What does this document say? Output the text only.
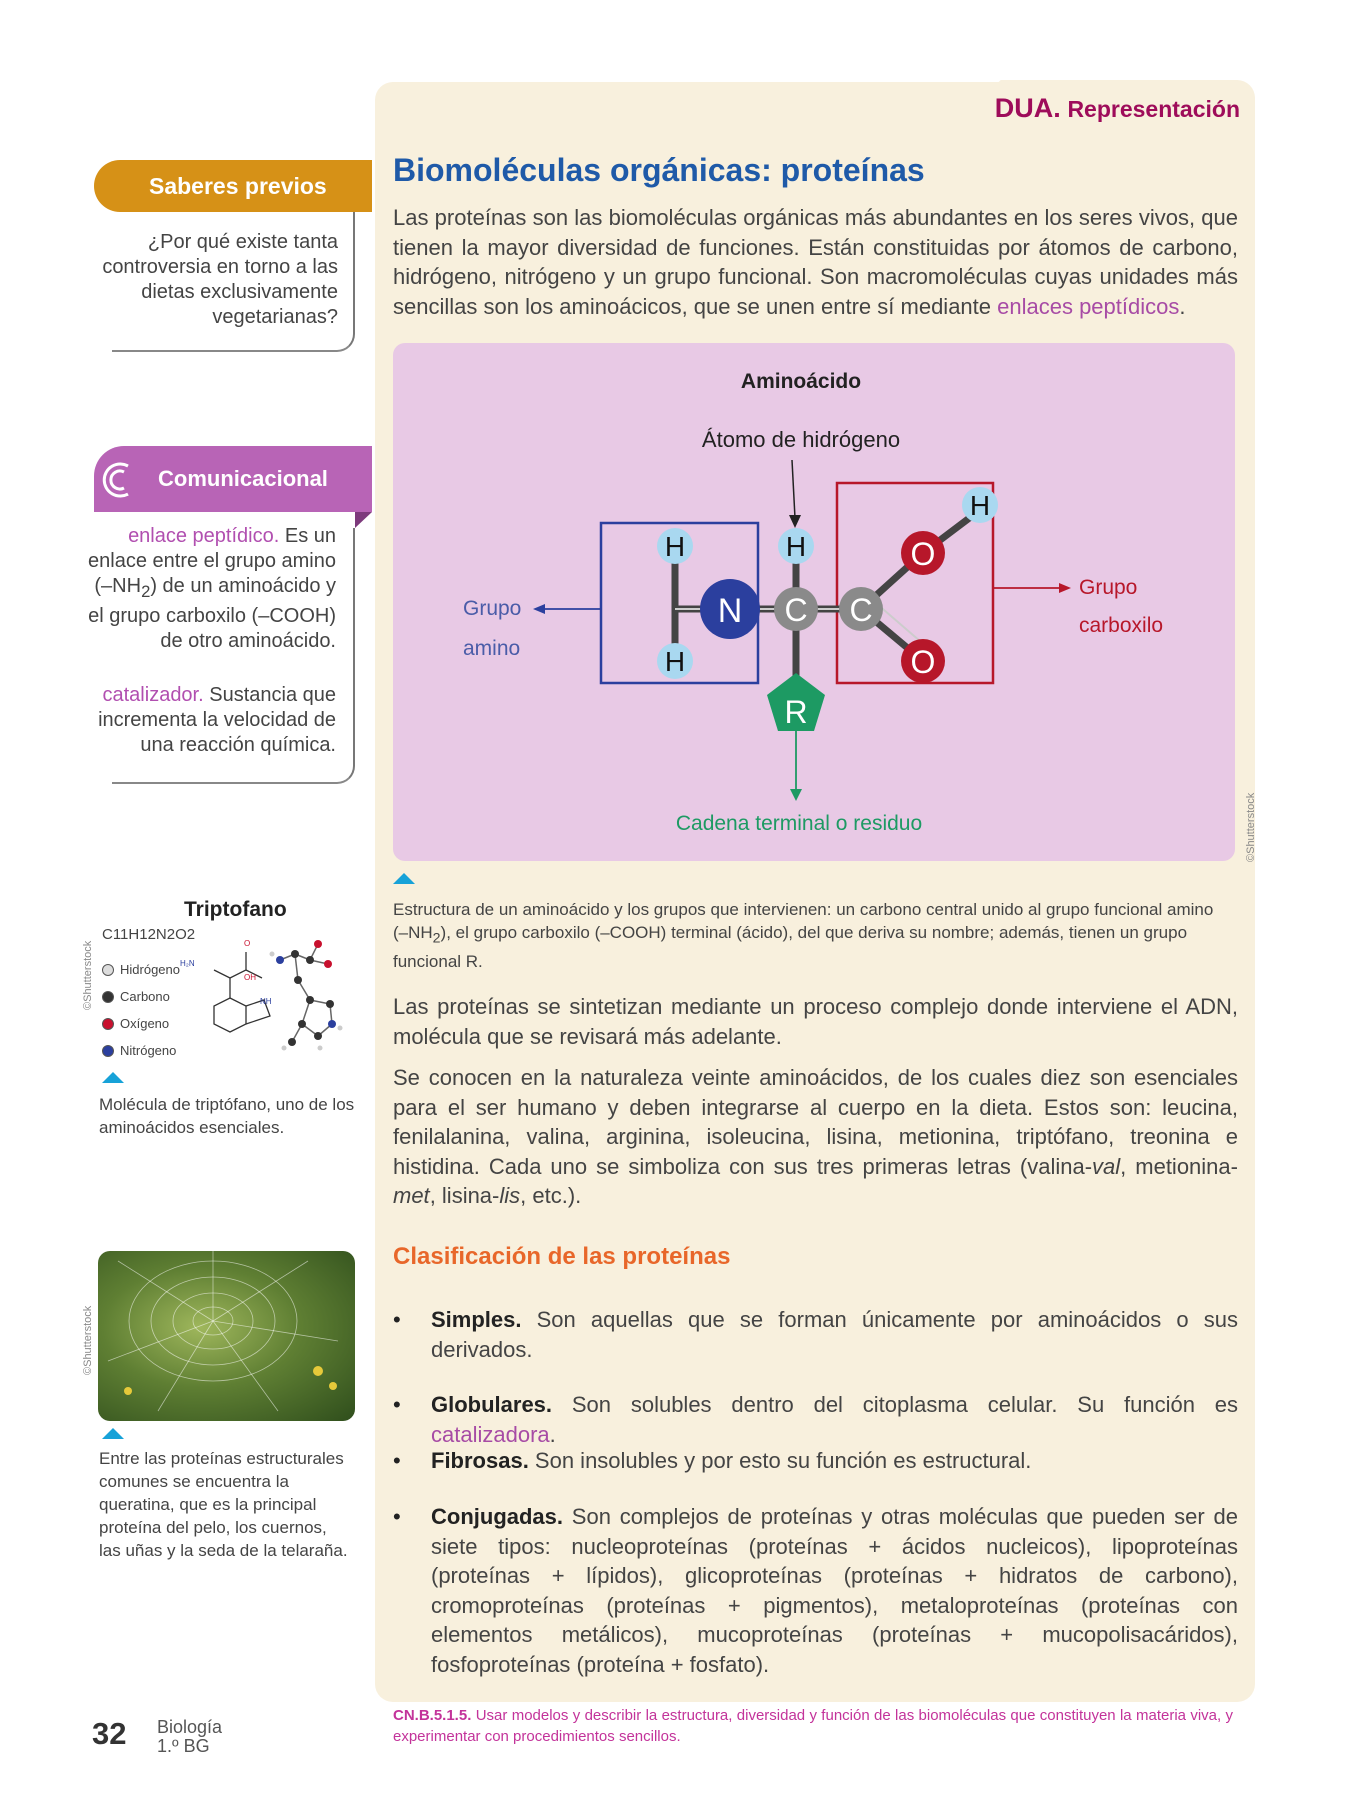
DUA. Representación
Saberes previos
¿Por qué existe tanta controversia en torno a las dietas exclusivamente vegetarianas?
Comunicacional
enlace peptídico. Es un enlace entre el grupo amino $(-NH_2)$ de un aminoácido y el grupo carboxilo (–COOH) de otro aminoácido.
catalizador. Sustancia que incrementa la velocidad de una reacción química.
©Shutterstock
Triptofano
C11H12N2O2
Hidrógeno
Carbono
Oxígeno
Nitrógeno
H₂N
O
OH
NH
Molécula de triptófano, uno de los aminoácidos esenciales.
©Shutterstock
Entre las proteínas estructurales comunes se encuentra la queratina, que es la principal proteína del pelo, los cuernos, las uñas y la seda de la telaraña.
Biomoléculas orgánicas: proteínas
Las proteínas son las biomoléculas orgánicas más abundantes en los seres vivos, que tienen la mayor diversidad de funciones. Están constituidas por átomos de carbono, hidrógeno, nitrógeno y un grupo funcional. Son macromoléculas cuyas unidades más sencillas son los aminoácicos, que se unen entre sí mediante enlaces peptídicos.
Aminoácido
Átomo de hidrógeno
H
H
H
H
N C C
O
O
R
Grupo
amino
Grupo
carboxilo
Cadena terminal o residuo	©Shutterstock
Estructura de un aminoácido y los grupos que intervienen: un carbono central unido al grupo funcional amino $(-NH_2)$, el grupo carboxilo (–COOH) terminal (ácido), del que deriva su nombre; además, tienen un grupo funcional R.
Las proteínas se sintetizan mediante un proceso complejo donde interviene el ADN, molécula que se revisará más adelante.
Se conocen en la naturaleza veinte aminoácidos, de los cuales diez son esenciales para el ser humano y deben integrarse al cuerpo en la dieta. Estos son: leucina, fenilalanina, valina, arginina, isoleucina, lisina, metionina, triptófano, treonina e histidina. Cada uno se simboliza con sus tres primeras letras (valina-val, metionina-met, lisina-lis, etc.).
Clasificación de las proteínas
• Simples. Son aquellas que se forman únicamente por aminoácidos o sus derivados.
• Globulares. Son solubles dentro del citoplasma celular. Su función es catalizadora.
• Fibrosas. Son insolubles y por esto su función es estructural.
• Conjugadas. Son complejos de proteínas y otras moléculas que pueden ser de siete tipos: nucleoproteínas (proteínas + ácidos nucleicos), lipoproteínas (proteínas + lípidos), glicoproteínas (proteínas + hidratos de carbono), cromoproteínas (proteínas + pigmentos), metaloproteínas (proteínas con elementos metálicos), mucoproteínas (proteínas + mucopolisacáridos), fosfoproteínas (proteína + fosfato).
CN.B.5.1.5. Usar modelos y describir la estructura, diversidad y función de las biomoléculas que constituyen la materia viva, y experimentar con procedimientos sencillos.
32 Biología
1.º BG
